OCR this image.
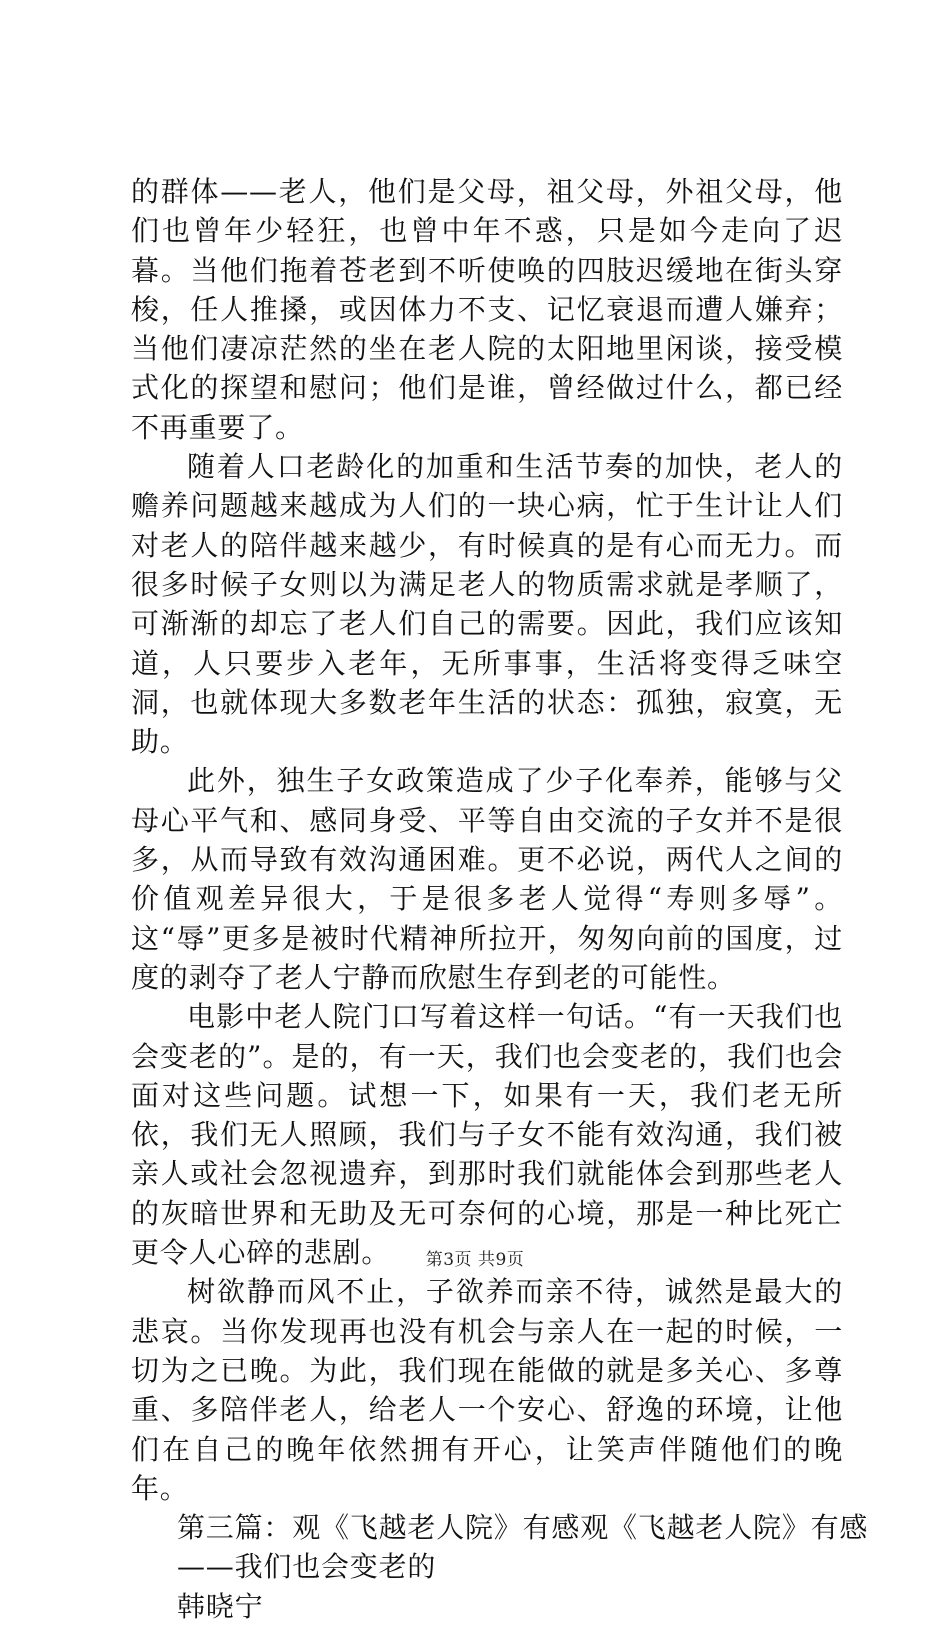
的群体——老人，他们是父母，祖父母，外祖父母，他们也曾年少轻狂，也曾中年不惑，只是如今走向了迟暮。当他们拖着苍老到不听使唤的四肢迟缓地在街头穿梭，任人推搡，或因体力不支、记忆衰退而遭人嫌弃；当他们凄凉茫然的坐在老人院的太阳地里闲谈，接受模式化的探望和慰问；他们是谁，曾经做过什么，都已经不再重要了。

随着人口老龄化的加重和生活节奏的加快，老人的赡养问题越来越成为人们的一块心病，忙于生计让人们对老人的陪伴越来越少，有时候真的是有心而无力。而很多时候子女则以为满足老人的物质需求就是孝顺了，可渐渐的却忘了老人们自己的需要。因此，我们应该知道，人只要步入老年，无所事事，生活将变得乏味空洞，也就体现大多数老年生活的状态：孤独，寂寞，无助。

此外，独生子女政策造成了少子化奉养，能够与父母心平气和、感同身受、平等自由交流的子女并不是很多，从而导致有效沟通困难。更不必说，两代人之间的价值观差异很大，于是很多老人觉得“寿则多辱”。这“辱”更多是被时代精神所拉开，匆匆向前的国度，过度的剥夺了老人宁静而欣慰生存到老的可能性。

电影中老人院门口写着这样一句话。“有一天我们也会变老的”。是的，有一天，我们也会变老的，我们也会面对这些问题。试想一下，如果有一天，我们老无所依，我们无人照顾，我们与子女不能有效沟通，我们被亲人或社会忽视遗弃，到那时我们就能体会到那些老人的灰暗世界和无助及无可奈何的心境，那是一种比死亡更令人心碎的悲剧。

树欲静而风不止，子欲养而亲不待，诚然是最大的悲哀。当你发现再也没有机会与亲人在一起的时候，一切为之已晚。为此，我们现在能做的就是多关心、多尊重、多陪伴老人，给老人一个安心、舒逸的环境，让他们在自己的晚年依然拥有开心，让笑声伴随他们的晚年。

第三篇：观《飞越老人院》有感观《飞越老人院》有感

——我们也会变老的

韩晓宁

第3页 共9页
